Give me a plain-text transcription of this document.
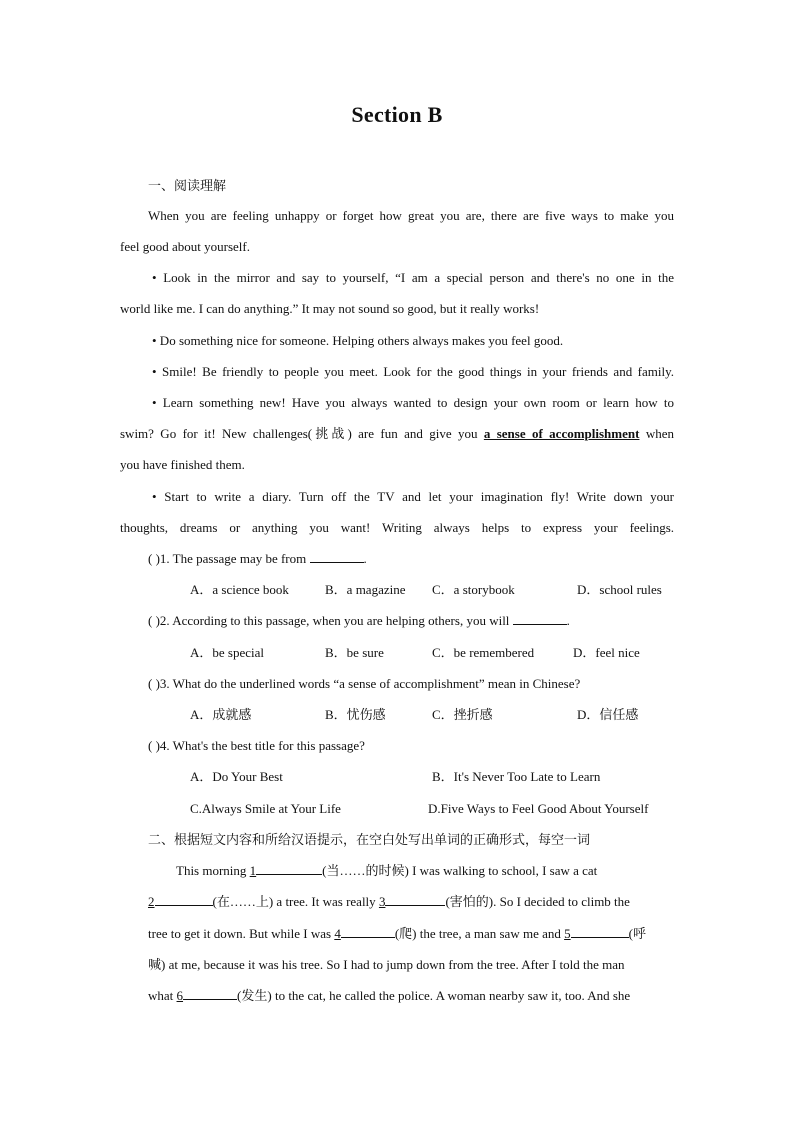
Section B
一、阅读理解
When you are feeling unhappy or forget how great you are, there are five ways to make you
feel good about yourself.
• Look in the mirror and say to yourself, “I am a special person and there's no one in the
world like me. I can do anything.” It may not sound so good, but it really works!
• Do something nice for someone. Helping others always makes you feel good.
• Smile! Be friendly to people you meet. Look for the good things in your friends and family.
• Learn something new! Have you always wanted to design your own room or learn how to
swim? Go for it! New challenges(挑战) are fun and give you a sense of accomplishment when
you have finished them.
• Start to write a diary. Turn off the TV and let your imagination fly! Write down your
thoughts, dreams or anything you want! Writing always helps to express your feelings.
( )1. The passage may be from	.
A．a science book	B．a magazine C．a storybook	D．school rules
( )2. According to this passage, when you are helping others, you will	.
A．be special	B．be sure	C．be remembered	D．feel nice
( )3. What do the underlined words “a sense of accomplishment” mean in Chinese?
A．成就感	B．忧伤感	C．挫折感	D．信任感
( )4. What's the best title for this passage?
A．Do Your Best	B．It's Never Too Late to Learn
C.Always Smile at Your Life	D.Five Ways to Feel Good About Yourself
二、根据短文内容和所给汉语提示，在空白处写出单词的正确形式，每空一词
This morning 1	(当……的时候) I was walking to school, I saw a cat
2	(在……上) a tree. It was really 3	(害怕的). So I decided to climb the
tree to get it down. But while I was 4	(爬) the tree, a man saw me and 5	(呼
喊) at me, because it was his tree. So I had to jump down from the tree. After I told the man
what 6	(发生) to the cat, he called the police. A woman nearby saw it, too. And she
